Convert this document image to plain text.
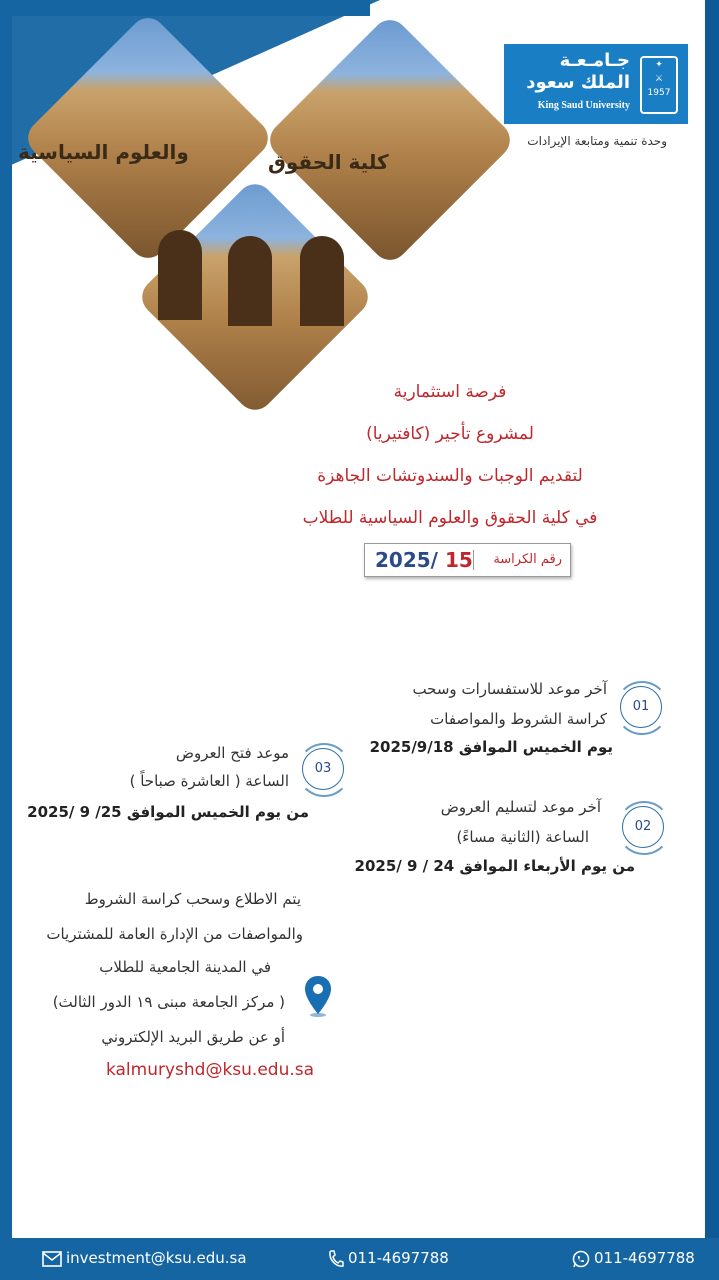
والعلوم السياسية	كلية الحقوق
جـامـعـة
الملك سعود
King Saud University
✦
⚔
1957
وحدة تنمية ومتابعة الإيرادات
فرصة استثمارية
لمشروع تأجير (كافتيريا)
لتقديم الوجبات والسندوتشات الجاهزة
في كلية الحقوق والعلوم السياسية للطلاب
رقم الكراسة
2025/ 15
01
آخر موعد للاستفسارات وسحب
كراسة الشروط والمواصفات
يوم الخميس الموافق 2025/9/18
02
آخر موعد لتسليم العروض
الساعة (الثانية مساءً)
من يوم الأربعاء الموافق 24 / 9 /2025
03
موعد فتح العروض
الساعة ( العاشرة صباحاً )
من يوم الخميس الموافق 25/ 9 /2025
يتم الاطلاع وسحب كراسة الشروط
والمواصفات من الإدارة العامة للمشتريات
في المدينة الجامعية للطلاب
( مركز الجامعة مبنى ١٩ الدور الثالث)
أو عن طريق البريد الإلكتروني
kalmuryshd@ksu.edu.sa
investment@ksu.edu.sa	011-4697788	011-4697788
